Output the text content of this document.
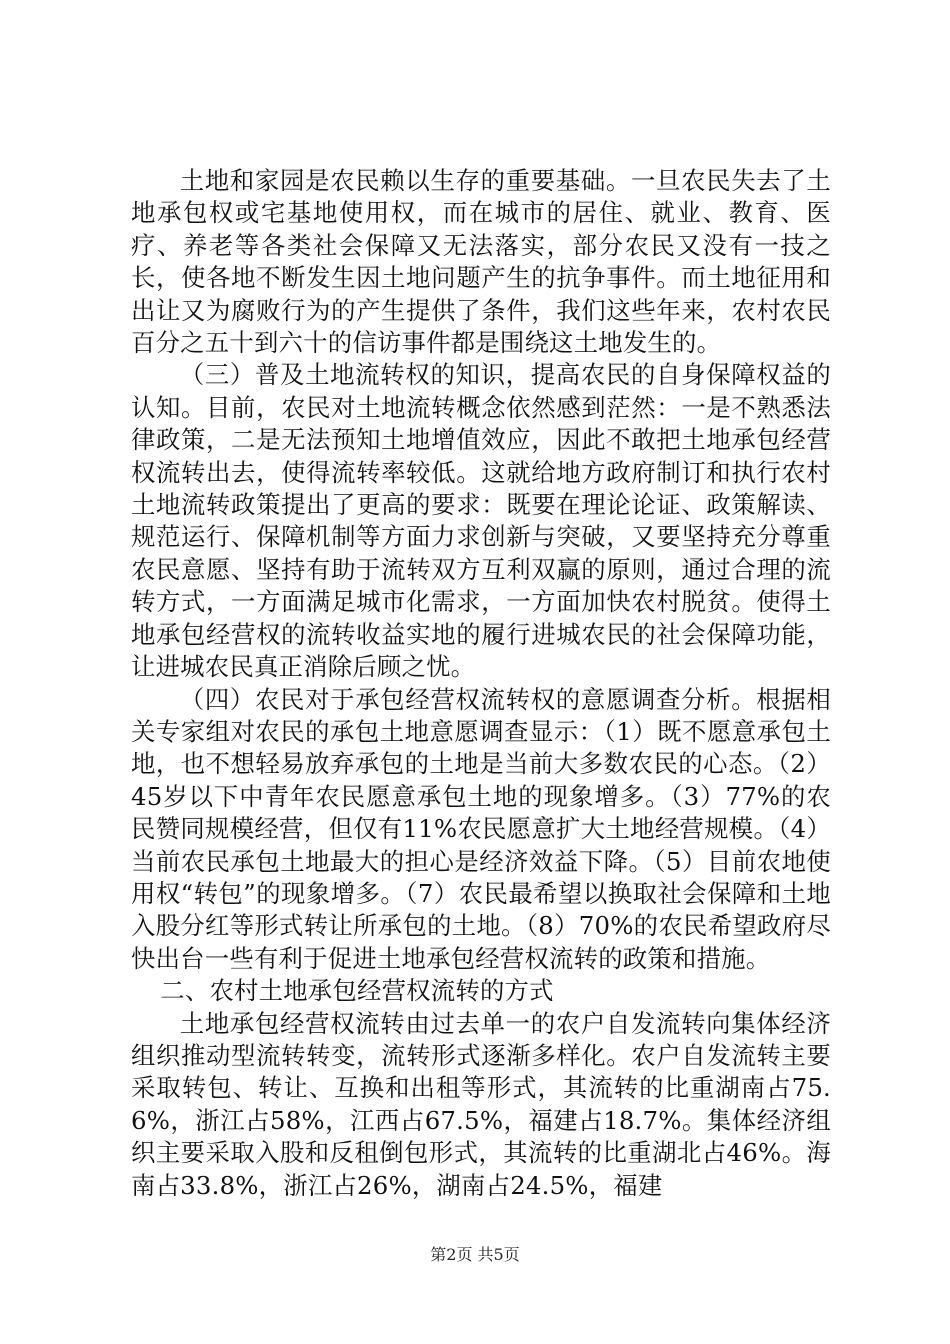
土地和家园是农民赖以生存的重要基础。一旦农民失去了土地承包权或宅基地使用权，而在城市的居住、就业、教育、医疗、养老等各类社会保障又无法落实，部分农民又没有一技之长，使各地不断发生因土地问题产生的抗争事件。而土地征用和出让又为腐败行为的产生提供了条件，我们这些年来，农村农民百分之五十到六十的信访事件都是围绕这土地发生的。

（三）普及土地流转权的知识，提高农民的自身保障权益的认知。目前，农民对土地流转概念依然感到茫然：一是不熟悉法律政策，二是无法预知土地增值效应，因此不敢把土地承包经营权流转出去，使得流转率较低。这就给地方政府制订和执行农村土地流转政策提出了更高的要求：既要在理论论证、政策解读、规范运行、保障机制等方面力求创新与突破，又要坚持充分尊重农民意愿、坚持有助于流转双方互利双赢的原则，通过合理的流转方式，一方面满足城市化需求，一方面加快农村脱贫。使得土地承包经营权的流转收益实地的履行进城农民的社会保障功能，让进城农民真正消除后顾之忧。

（四）农民对于承包经营权流转权的意愿调查分析。根据相关专家组对农民的承包土地意愿调查显示：（1）既不愿意承包土地，也不想轻易放弃承包的土地是当前大多数农民的心态。（2）45岁以下中青年农民愿意承包土地的现象增多。（3）77%的农民赞同规模经营，但仅有11%农民愿意扩大土地经营规模。（4）当前农民承包土地最大的担心是经济效益下降。（5）目前农地使用权“转包”的现象增多。（7）农民最希望以换取社会保障和土地入股分红等形式转让所承包的土地。（8）70%的农民希望政府尽快出台一些有利于促进土地承包经营权流转的政策和措施。

二、农村土地承包经营权流转的方式

土地承包经营权流转由过去单一的农户自发流转向集体经济组织推动型流转转变，流转形式逐渐多样化。农户自发流转主要采取转包、转让、互换和出租等形式，其流转的比重湖南占75.6%，浙江占58%，江西占67.5%，福建占18.7%。集体经济组织主要采取入股和反租倒包形式，其流转的比重湖北占46%。海南占33.8%，浙江占26%，湖南占24.5%，福建

第2页 共5页
